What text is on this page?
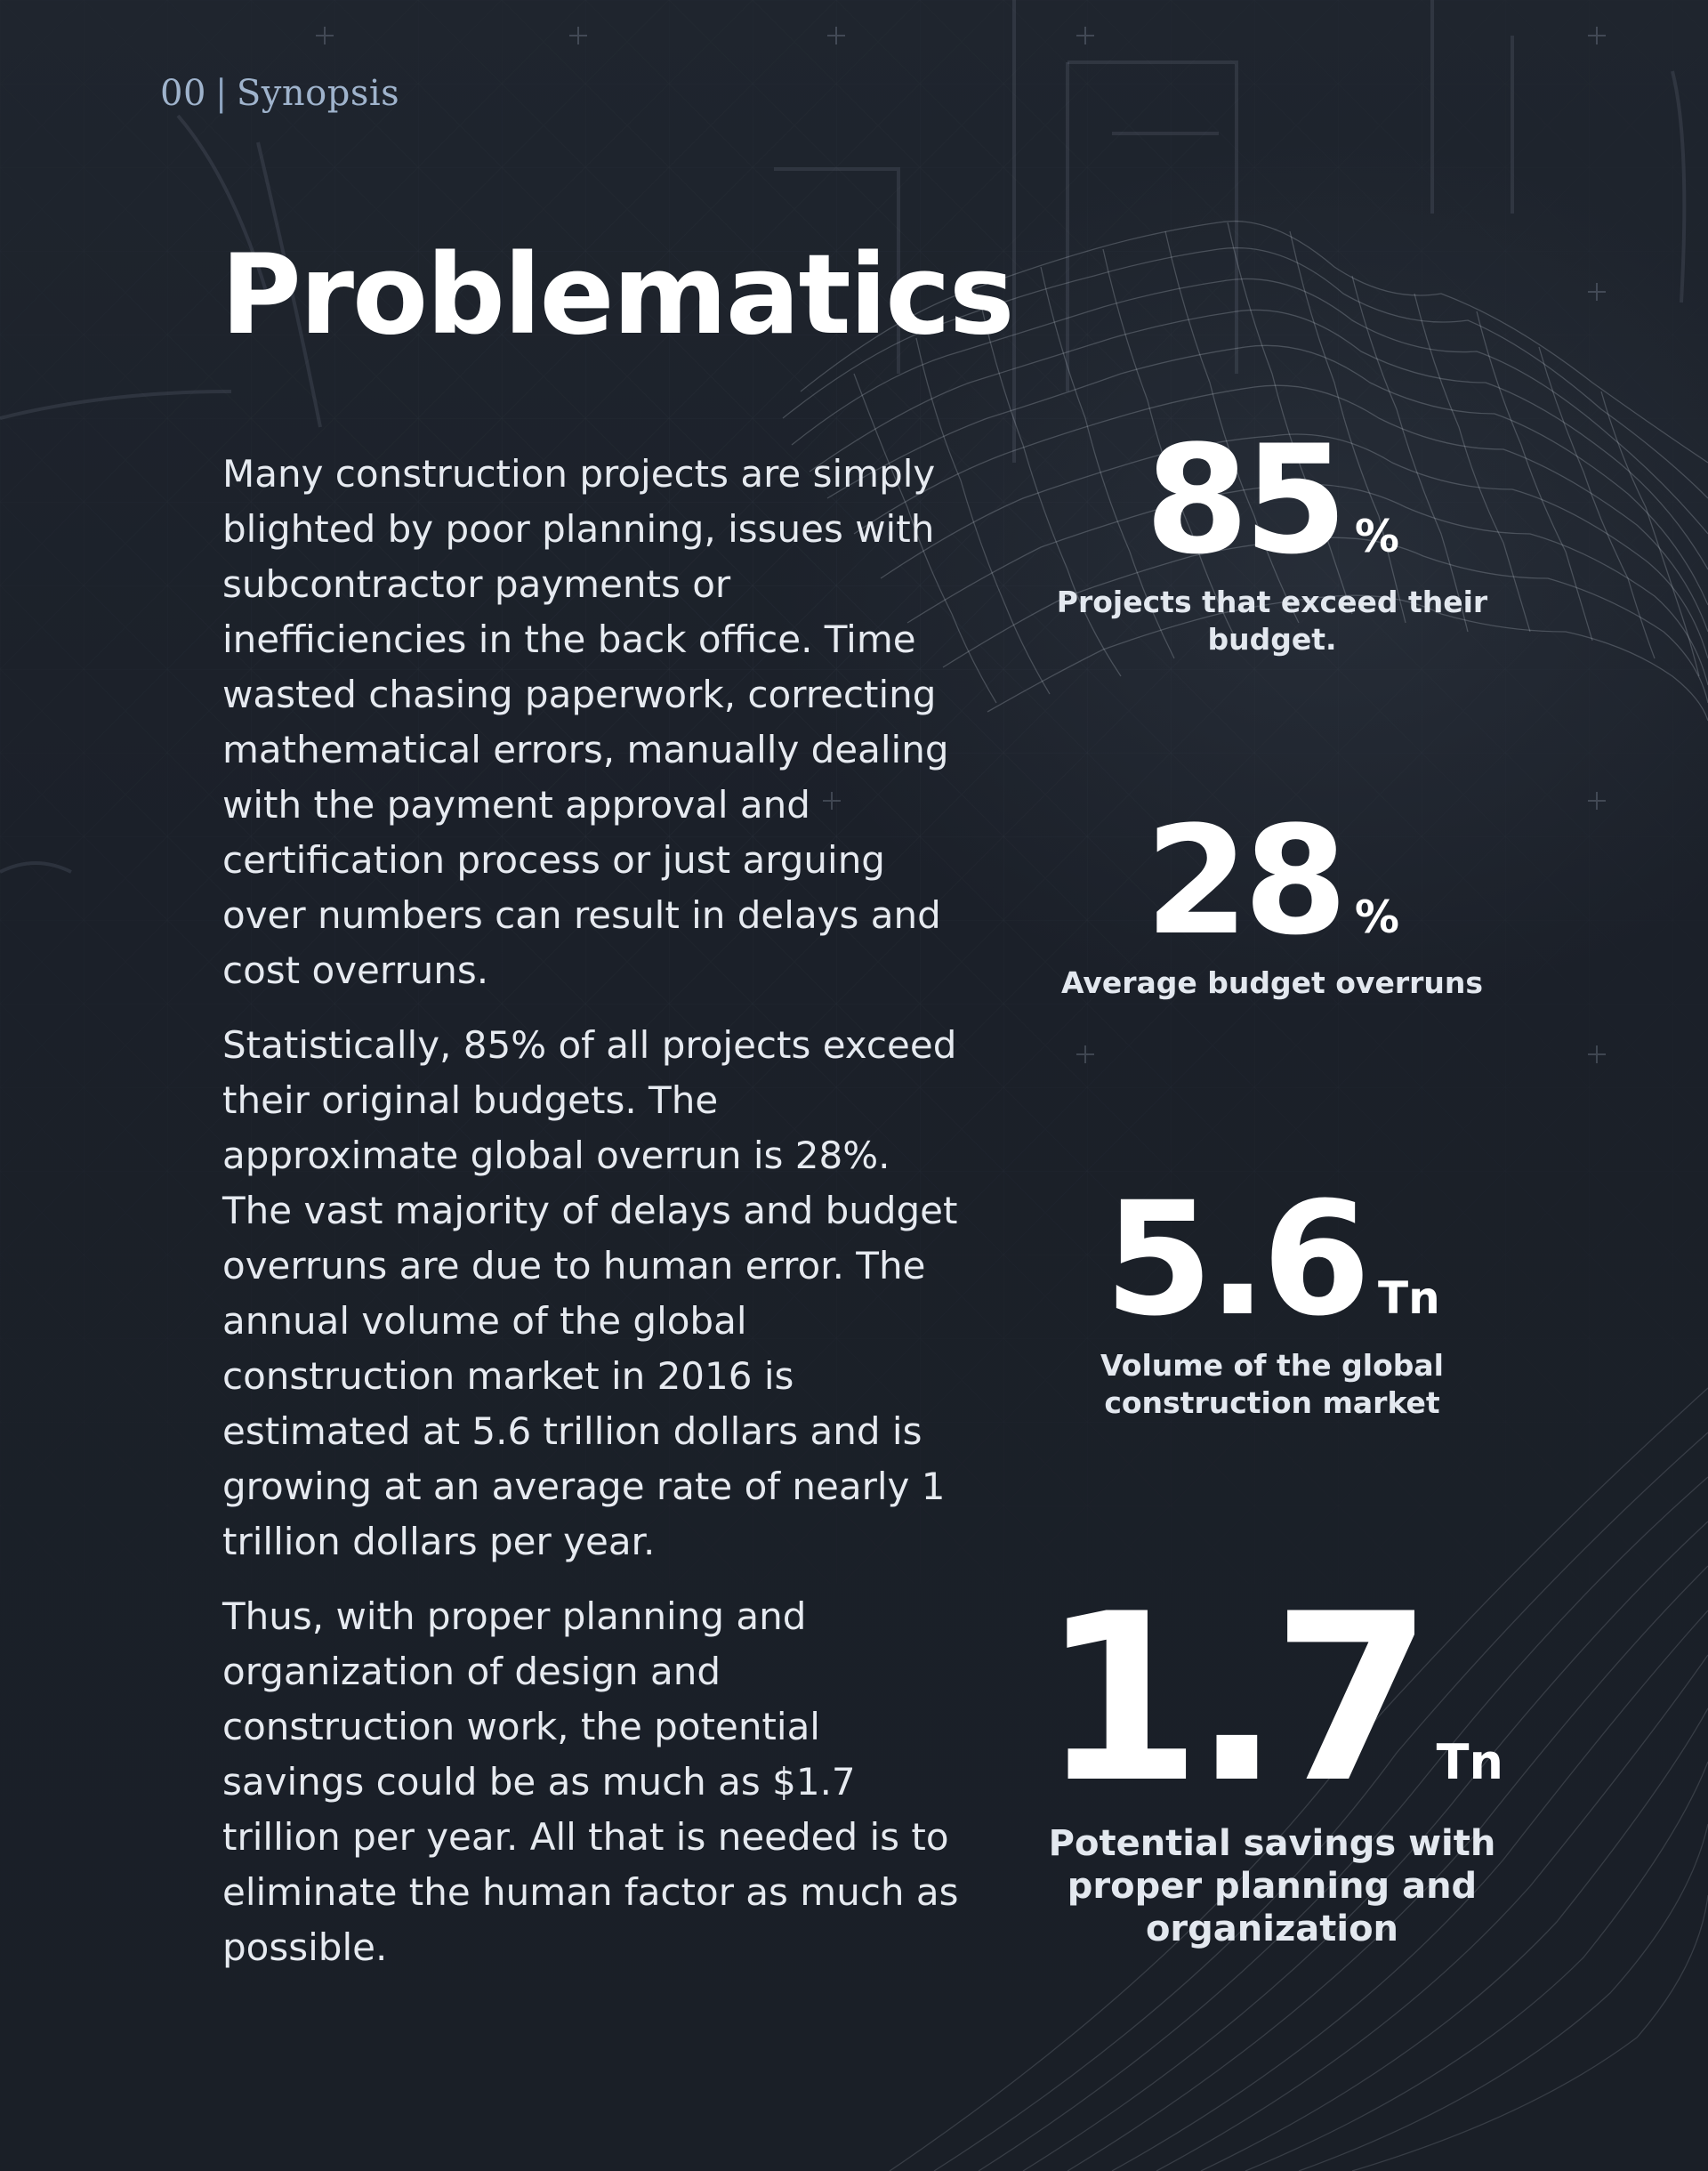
00 | Synopsis
Problematics

Many construction projects are simply blighted by poor planning, issues with subcontractor payments or inefficiencies in the back office. Time wasted chasing paperwork, correcting mathematical errors, manually dealing with the payment approval and certification process or just arguing over numbers can result in delays and cost overruns.

Statistically, 85% of all projects exceed their original budgets. The approximate global overrun is 28%. The vast majority of delays and budget overruns are due to human error. The annual volume of the global construction market in 2016 is estimated at 5.6 trillion dollars and is growing at an average rate of nearly 1 trillion dollars per year.

Thus, with proper planning and organization of design and construction work, the potential savings could be as much as $1.7 trillion per year. All that is needed is to eliminate the human factor as much as possible.

85 %
Projects that exceed their budget.
28 %
Average budget overruns
5.6 Tn
Volume of the global construction market
1.7 Tn
Potential savings with proper planning and organization
